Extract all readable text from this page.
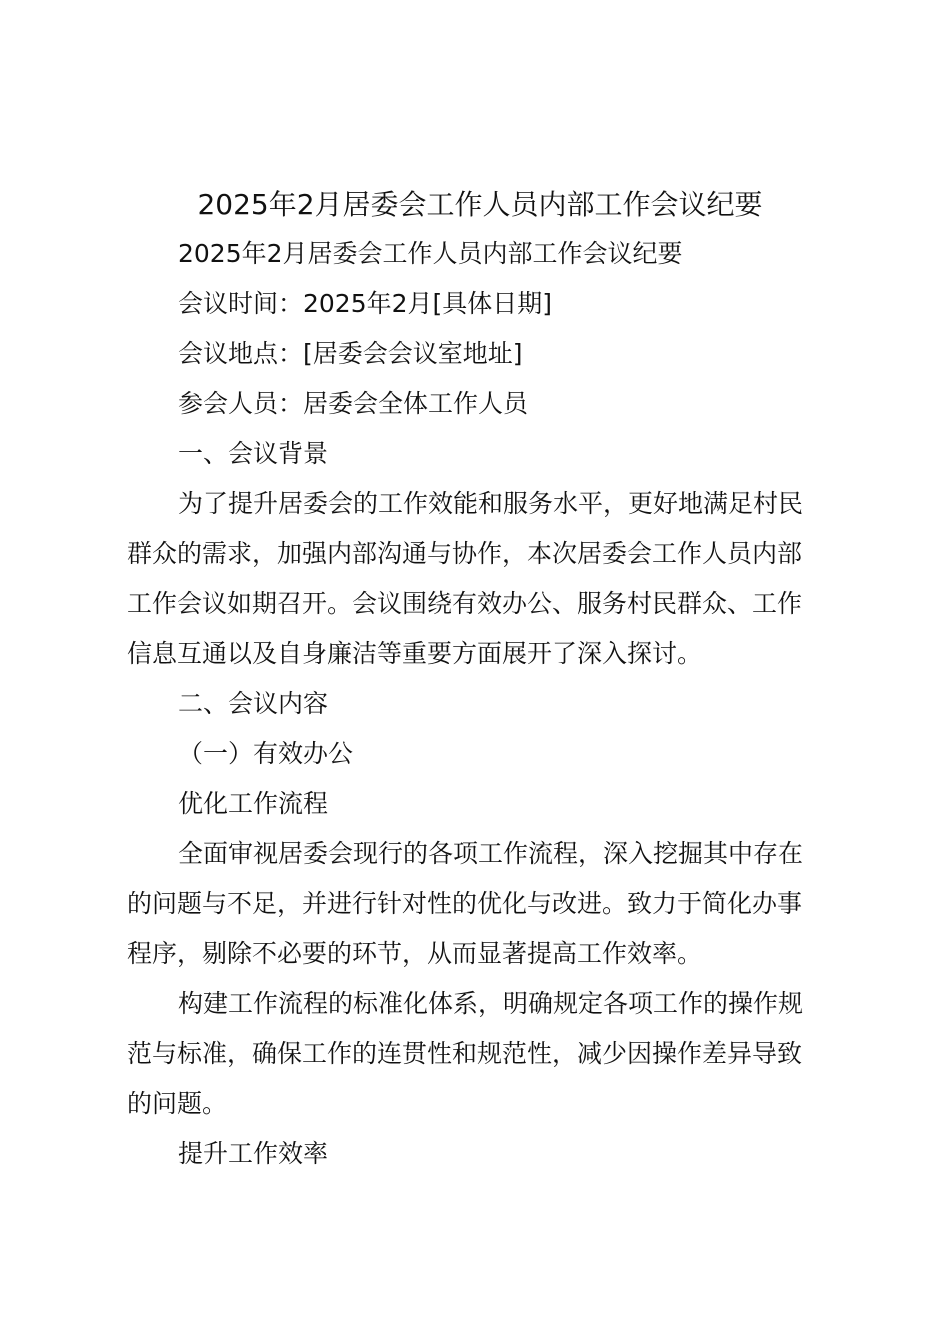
2025年2月居委会工作人员内部工作会议纪要
2025年2月居委会工作人员内部工作会议纪要
会议时间：2025年2月[具体日期]
会议地点：[居委会会议室地址]
参会人员：居委会全体工作人员
一、会议背景
为了提升居委会的工作效能和服务水平，更好地满足村民
群众的需求，加强内部沟通与协作，本次居委会工作人员内部
工作会议如期召开。会议围绕有效办公、服务村民群众、工作
信息互通以及自身廉洁等重要方面展开了深入探讨。
二、会议内容
（一）有效办公
优化工作流程
全面审视居委会现行的各项工作流程，深入挖掘其中存在
的问题与不足，并进行针对性的优化与改进。致力于简化办事
程序，剔除不必要的环节，从而显著提高工作效率。
构建工作流程的标准化体系，明确规定各项工作的操作规
范与标准，确保工作的连贯性和规范性，减少因操作差异导致
的问题。
提升工作效率
